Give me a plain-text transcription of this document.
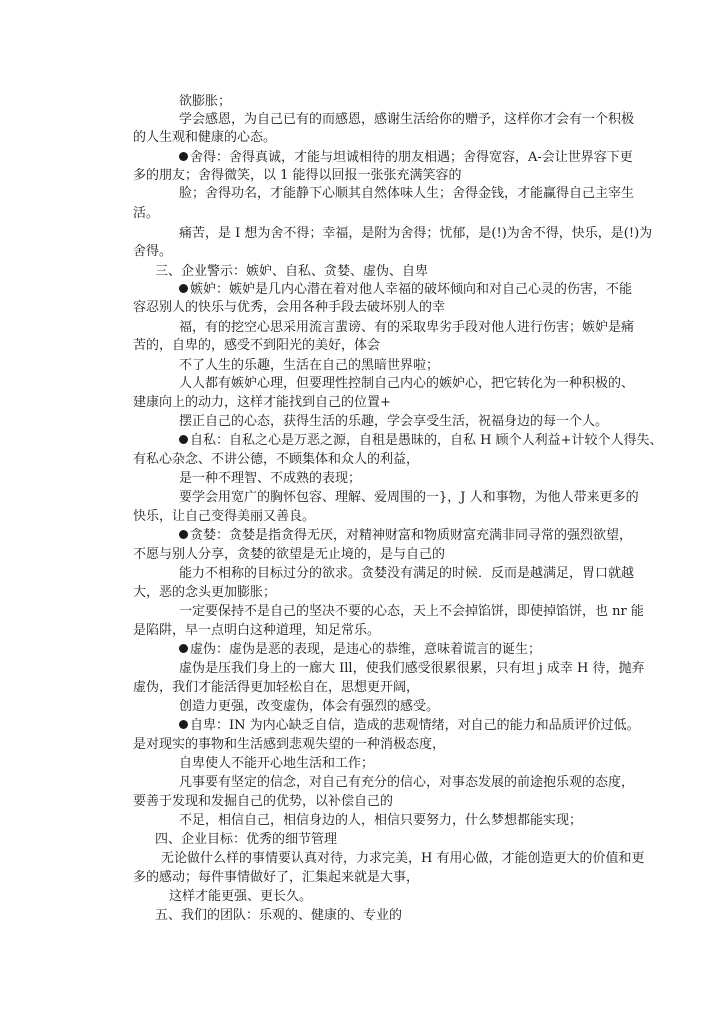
欲膨胀；
学会感恩，为自己已有的而感恩，感谢生活给你的赠予，这样你才会有一个积极
的人生观和健康的心态。
舍得：舍得真诚，才能与坦诚相待的朋友相遇；舍得宽容，A-会让世界容下更
多的朋友；舍得微笑，以 1 能得以回报一张张充满笑容的
脸；舍得功名，才能静下心顺其自然体味人生；舍得金钱，才能赢得自己主宰生
活。
痛苦，是 I 想为舍不得；幸福，是附为舍得；忧郁，是(!)为舍不得，快乐，是(!)为
舍得。
三、企业警示：嫉妒、自私、贪婪、虚伪、自卑
嫉妒：嫉妒是几内心潜在着对他人幸福的破坏倾向和对自己心灵的伤害，不能
容忍别人的快乐与优秀，会用各种手段去破坏别人的幸
福，有的挖空心思采用流言蜚谤、有的采取卑劣手段对他人进行伤害；嫉妒是痛
苦的，自卑的，感受不到阳光的美好，体会
不了人生的乐趣，生活在自己的黑暗世界啦；
人人都有嫉妒心理，但要理性控制自己内心的嫉妒心，把它转化为一种积极的、
建康向上的动力，这样才能找到自己的位置+
摆正自己的心态，获得生活的乐趣，学会享受生活，祝福身边的每一个人。
自私：自私之心是万恶之源，自租是愚昧的，自私 H 顾个人利益+计较个人得失、
有私心杂念、不讲公德，不顾集体和众人的利益，
是一种不理智、不成熟的表现；
要学会用宽广的胸怀包容、理解、爱周围的一}，J 人和事物，为他人带来更多的
快乐，让自己变得美丽又善良。
贪婪：贪婪是指贪得无厌，对精神财富和物质财富充满非同寻常的强烈欲望，
不愿与别人分享，贪婪的欲望是无止境的，是与自己的
能力不相称的目标过分的欲求。贪婪没有满足的时候．反而是越满足，胃口就越
大，恶的念头更加膨胀；
一定要保持不是自己的坚决不要的心态，天上不会掉馅饼，即使掉馅饼，也 nr 能
是陷阱，早一点明白这种道理，知足常乐。
虚伪：虚伪是恶的表现，是违心的恭维，意味着谎言的诞生；
虚伪是压我们身上的一廊大 Ill，使我们感受很累很累，只有坦 j 成幸 H 待，抛弃
虚伪，我们才能活得更加轻松自在，思想更开阔，
创造力更强，改变虚伪，体会有强烈的感受。
自卑：IN 为内心缺乏自信，造成的悲观情绪，对自己的能力和品质评价过低。
是对现实的事物和生活感到悲观失望的一种消极态度，
自卑使人不能开心地生活和工作；
凡事要有坚定的信念，对自己有充分的信心，对事态发展的前途抱乐观的态度，
要善于发现和发掘自己的优势，以补偿自己的
不足，相信自己，相信身边的人，相信只要努力，什么梦想都能实现；
四、企业目标：优秀的细节管理
无论做什么样的事情要认真对待，力求完美，H 有用心做，才能创造更大的价值和更
多的感动；每件事情做好了，汇集起来就是大事，
这样才能更强、更长久。
五、我们的团队：乐观的、健康的、专业的
